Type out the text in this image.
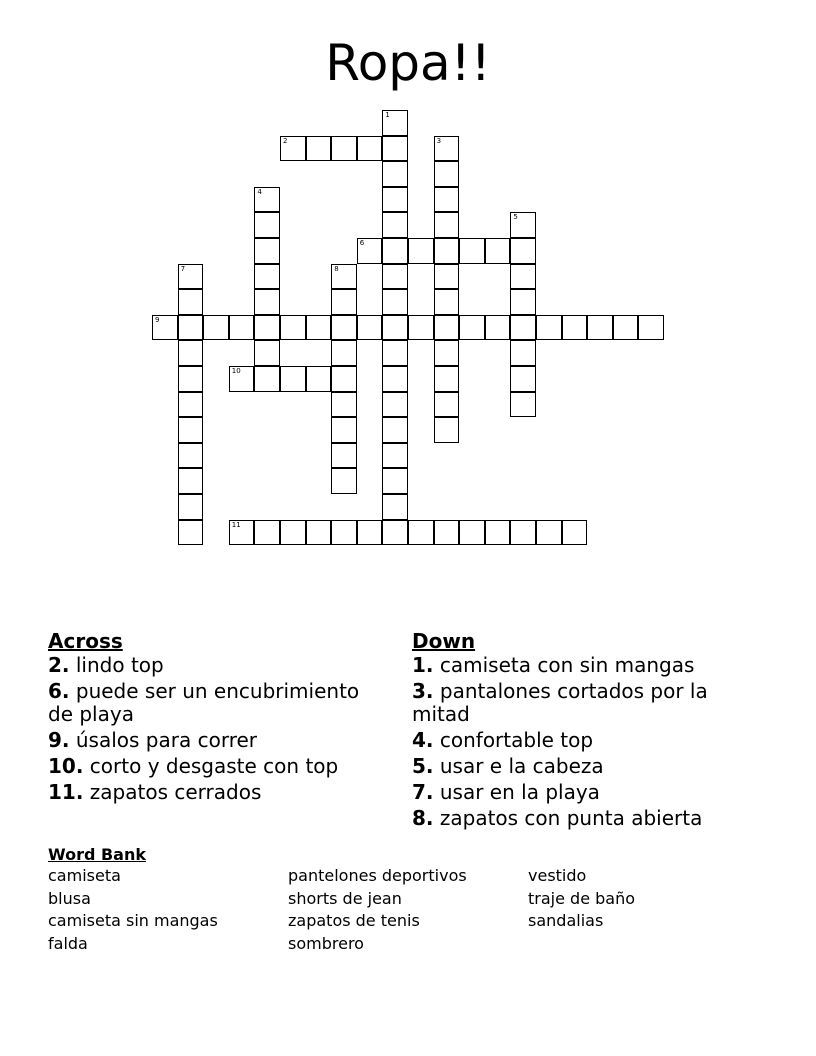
Ropa!!
1
2	3
4
5
6
7	8
9
10
11
Across
2. lindo top
6. puede ser un encubrimiento de playa
9. úsalos para correr
10. corto y desgaste con top
11. zapatos cerrados
Down
1. camiseta con sin mangas
3. pantalones cortados por la mitad
4. confortable top
5. usar e la cabeza
7. usar en la playa
8. zapatos con punta abierta
Word Bank
camiseta	pantelones deportivos	vestido
blusa	shorts de jean	traje de baño
camiseta sin mangas	zapatos de tenis	sandalias
falda	sombrero
